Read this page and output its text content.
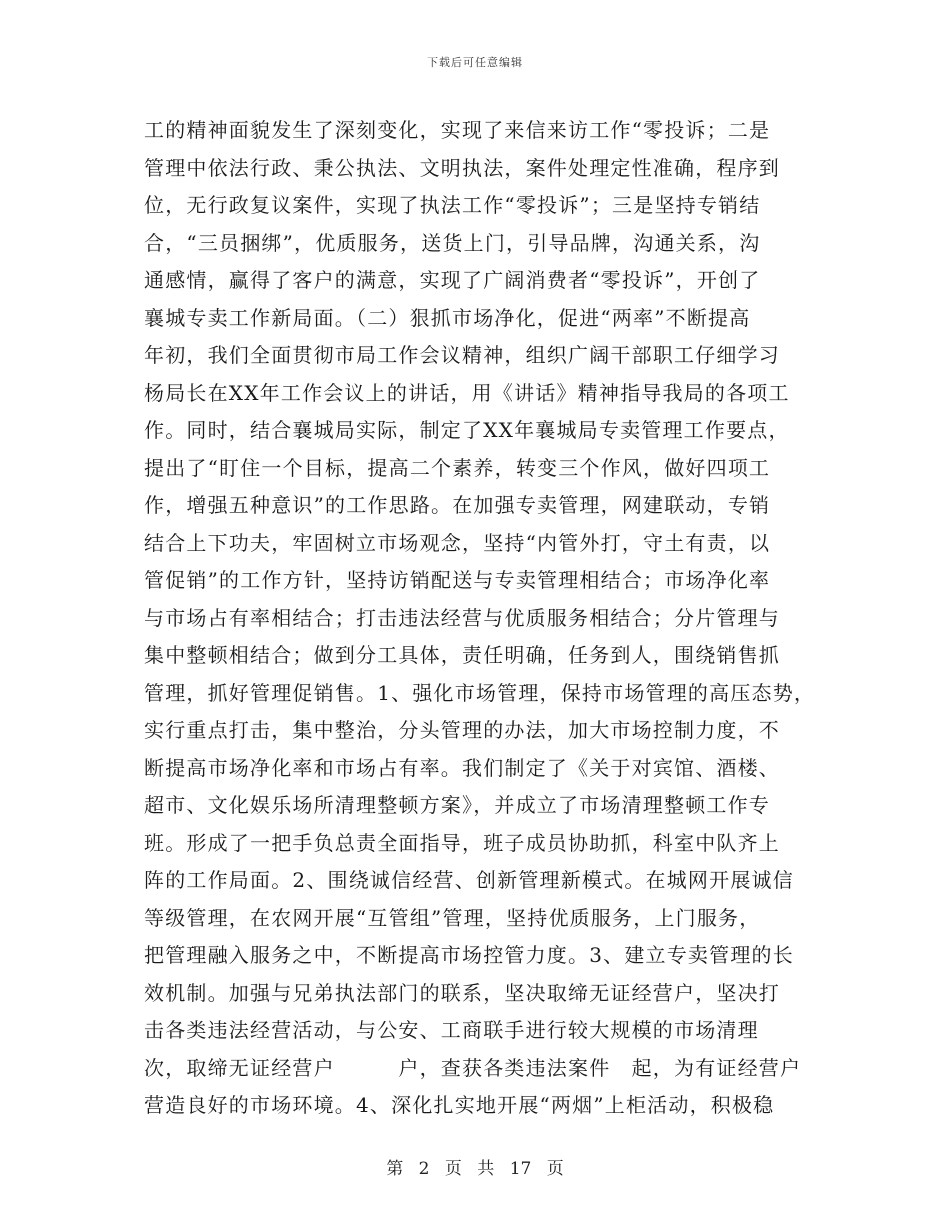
下载后可任意编辑
工的精神面貌发生了深刻变化，实现了来信来访工作“零投诉；二是
管理中依法行政、秉公执法、文明执法，案件处理定性准确，程序到
位，无行政复议案件，实现了执法工作“零投诉”；三是坚持专销结
合，“三员捆绑”，优质服务，送货上门，引导品牌，沟通关系，沟
通感情，赢得了客户的满意，实现了广阔消费者“零投诉”，开创了
襄城专卖工作新局面。（二）狠抓市场净化，促进“两率”不断提高
年初，我们全面贯彻市局工作会议精神，组织广阔干部职工仔细学习
杨局长在XX年工作会议上的讲话，用《讲话》精神指导我局的各项工
作。同时，结合襄城局实际，制定了XX年襄城局专卖管理工作要点，
提出了“盯住一个目标，提高二个素养，转变三个作风，做好四项工
作，增强五种意识”的工作思路。在加强专卖管理，网建联动，专销
结合上下功夫，牢固树立市场观念，坚持“内管外打，守土有责，以
管促销”的工作方针，坚持访销配送与专卖管理相结合；市场净化率
与市场占有率相结合；打击违法经营与优质服务相结合；分片管理与
集中整顿相结合；做到分工具体，责任明确，任务到人，围绕销售抓
管理，抓好管理促销售。1、强化市场管理，保持市场管理的高压态势，
实行重点打击，集中整治，分头管理的办法，加大市场控制力度，不
断提高市场净化率和市场占有率。我们制定了《关于对宾馆、酒楼、
超市、文化娱乐场所清理整顿方案》，并成立了市场清理整顿工作专
班。形成了一把手负总责全面指导，班子成员协助抓，科室中队齐上
阵的工作局面。2、围绕诚信经营、创新管理新模式。在城网开展诚信
等级管理，在农网开展“互管组”管理，坚持优质服务，上门服务，
把管理融入服务之中，不断提高市场控管力度。3、建立专卖管理的长
效机制。加强与兄弟执法部门的联系，坚决取缔无证经营户，坚决打
击各类违法经营活动，与公安、工商联手进行较大规模的市场清理
次，取缔无证经营户　　　户，查获各类违法案件　起，为有证经营户
营造良好的市场环境。4、深化扎实地开展“两烟”上柜活动，积极稳
第 2 页 共 17 页
